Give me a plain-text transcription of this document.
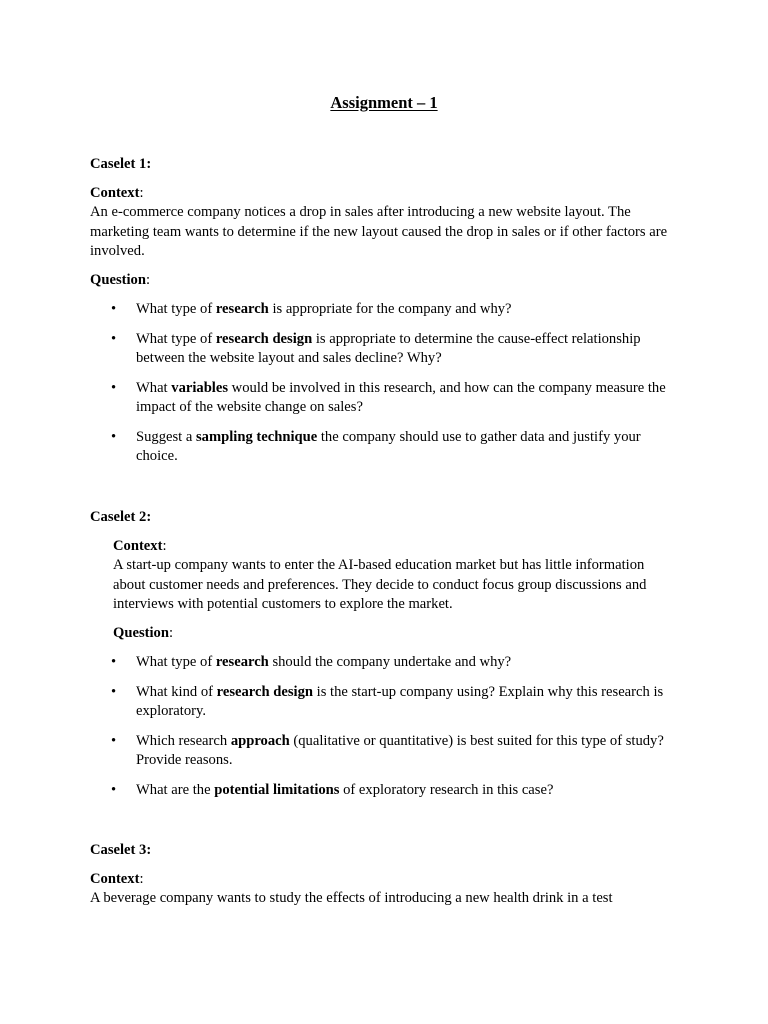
Assignment – 1

Caselet 1:

Context:

An e-commerce company notices a drop in sales after introducing a new website layout. The marketing team wants to determine if the new layout caused the drop in sales or if other factors are involved.

Question:

• What type of research is appropriate for the company and why?
• What type of research design is appropriate to determine the cause-effect relationship between the website layout and sales decline? Why?
• What variables would be involved in this research, and how can the company measure the impact of the website change on sales?
• Suggest a sampling technique the company should use to gather data and justify your choice.

Caselet 2:

Context:

A start-up company wants to enter the AI-based education market but has little information about customer needs and preferences. They decide to conduct focus group discussions and interviews with potential customers to explore the market.

Question:

• What type of research should the company undertake and why?
• What kind of research design is the start-up company using? Explain why this research is exploratory.
• Which research approach (qualitative or quantitative) is best suited for this type of study? Provide reasons.
• What are the potential limitations of exploratory research in this case?

Caselet 3:

Context:

A beverage company wants to study the effects of introducing a new health drink in a test
